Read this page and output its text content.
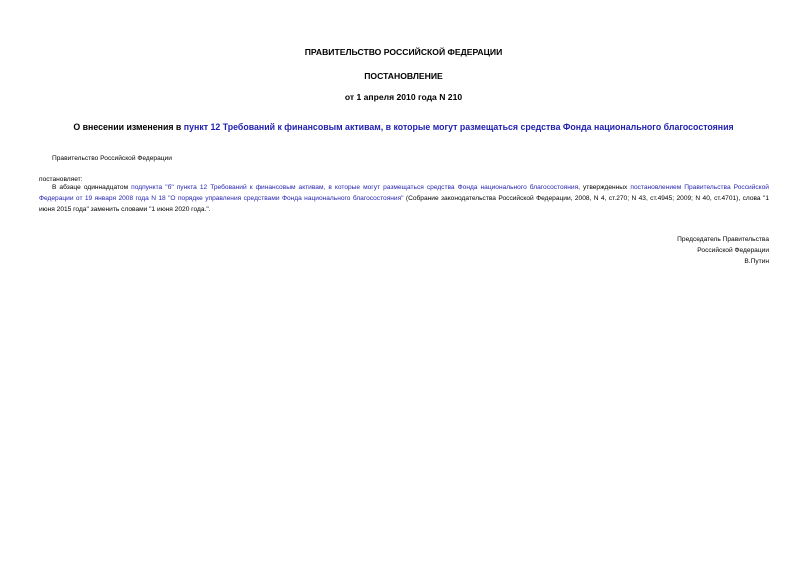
ПРАВИТЕЛЬСТВО РОССИЙСКОЙ ФЕДЕРАЦИИ
ПОСТАНОВЛЕНИЕ
от 1 апреля 2010 года N 210
О внесении изменения в пункт 12 Требований к финансовым активам, в которые могут размещаться средства Фонда национального благосостояния
Правительство Российской Федерации
постановляет:
В абзаце одиннадцатом подпункта "б" пункта 12 Требований к финансовым активам, в которые могут размещаться средства Фонда национального благосостояния, утвержденных постановлением Правительства Российской Федерации от 19 января 2008 года N 18 "О порядке управления средствами Фонда национального благосостояния" (Собрание законодательства Российской Федерации, 2008, N 4, ст.270; N 43, ст.4945; 2009; N 40, ст.4701), слова "1 июня 2015 года" заменить словами "1 июня 2020 года.".
Председатель Правительства
Российской Федерации
В.Путин
